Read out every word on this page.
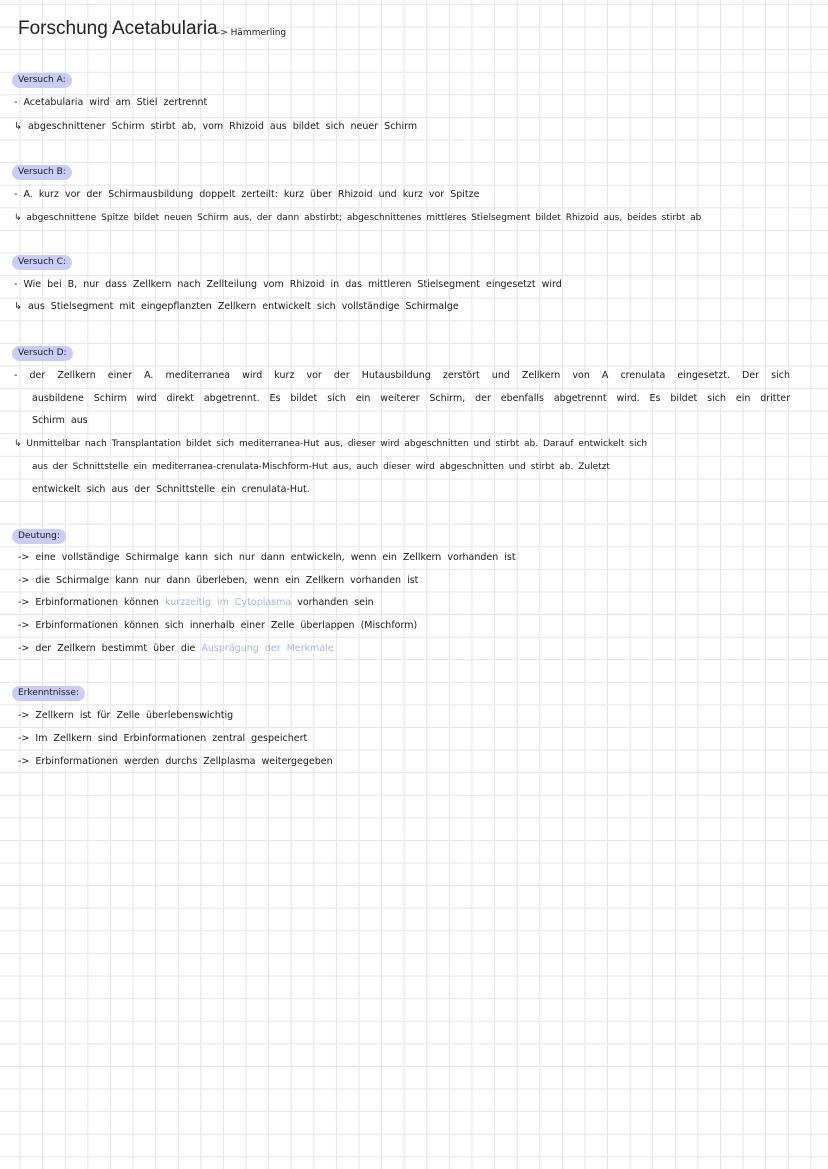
Forschung Acetabularia -> Hämmerling
Versuch A:
- Acetabularia wird am Stiel zertrennt
↳ abgeschnittener Schirm stirbt ab, vom Rhizoid aus bildet sich neuer Schirm
Versuch B:
- A. kurz vor der Schirmausbildung doppelt zerteilt: kurz über Rhizoid und kurz vor Spitze
↳ abgeschnittene Spitze bildet neuen Schirm aus, der dann abstirbt; abgeschnittenes mittleres Stielsegment bildet Rhizoid aus, beides stirbt ab
Versuch C:
- Wie bei B, nur dass Zellkern nach Zellteilung vom Rhizoid in das mittleren Stielsegment eingesetzt wird
↳ aus Stielsegment mit eingepflanzten Zellkern entwickelt sich vollständige Schirmalge
Versuch D:
- der Zellkern einer A. mediterranea wird kurz vor der Hutausbildung zerstört und Zellkern von A crenulata eingesetzt. Der sich
ausbildene Schirm wird direkt abgetrennt. Es bildet sich ein weiterer Schirm, der ebenfalls abgetrennt wird. Es bildet sich ein dritter
Schirm aus
↳ Unmittelbar nach Transplantation bildet sich mediterranea-Hut aus, dieser wird abgeschnitten und stirbt ab. Darauf entwickelt sich
aus der Schnittstelle ein mediterranea-crenulata-Mischform-Hut aus, auch dieser wird abgeschnitten und stirbt ab. Zuletzt
entwickelt sich aus der Schnittstelle ein crenulata-Hut.
Deutung:
-> eine vollständige Schirmalge kann sich nur dann entwickeln, wenn ein Zellkern vorhanden ist
-> die Schirmalge kann nur dann überleben, wenn ein Zellkern vorhanden ist
-> Erbinformationen können kurzzeitig im Cytoplasma vorhanden sein
-> Erbinformationen können sich innerhalb einer Zelle überlappen (Mischform)
-> der Zellkern bestimmt über die Ausprägung der Merkmale
Erkenntnisse:
-> Zellkern ist für Zelle überlebenswichtig
-> Im Zellkern sind Erbinformationen zentral gespeichert
-> Erbinformationen werden durchs Zellplasma weitergegeben
